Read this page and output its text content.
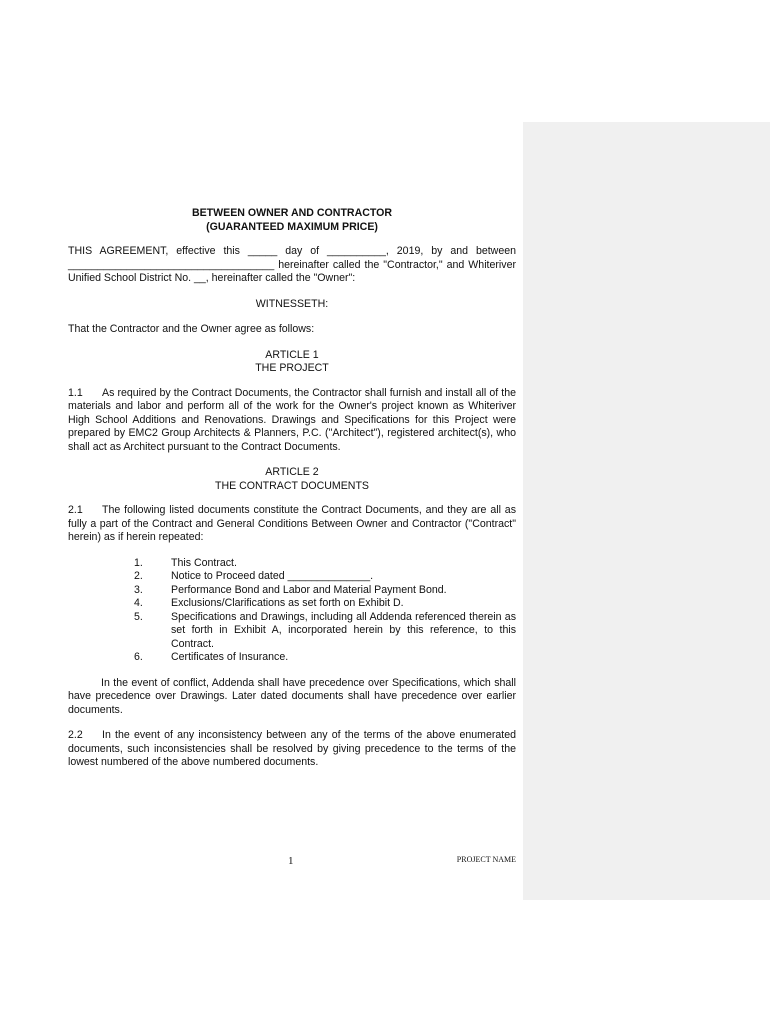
BETWEEN OWNER AND CONTRACTOR

(GUARANTEED MAXIMUM PRICE)

THIS AGREEMENT, effective this _____ day of __________, 2019, by and between ___________________________________ hereinafter called the "Contractor," and Whiteriver Unified School District No. __, hereinafter called the "Owner":

WITNESSETH:

That the Contractor and the Owner agree as follows:

ARTICLE 1

THE PROJECT

1.1 As required by the Contract Documents, the Contractor shall furnish and install all of the materials and labor and perform all of the work for the Owner's project known as Whiteriver High School Additions and Renovations. Drawings and Specifications for this Project were prepared by EMC2 Group Architects & Planners, P.C. ("Architect"), registered architect(s), who shall act as Architect pursuant to the Contract Documents.

ARTICLE 2

THE CONTRACT DOCUMENTS

2.1 The following listed documents constitute the Contract Documents, and they are all as fully a part of the Contract and General Conditions Between Owner and Contractor ("Contract" herein) as if herein repeated:

1.	This Contract.
2.	Notice to Proceed dated ______________.
3.	Performance Bond and Labor and Material Payment Bond.
4.	Exclusions/Clarifications as set forth on Exhibit D.
5.	Specifications and Drawings, including all Addenda referenced therein as set forth in Exhibit A, incorporated herein by this reference, to this Contract.
6.	Certificates of Insurance.

In the event of conflict, Addenda shall have precedence over Specifications, which shall have precedence over Drawings. Later dated documents shall have precedence over earlier documents.

2.2 In the event of any inconsistency between any of the terms of the above enumerated documents, such inconsistencies shall be resolved by giving precedence to the terms of the lowest numbered of the above numbered documents.

1	PROJECT NAME
